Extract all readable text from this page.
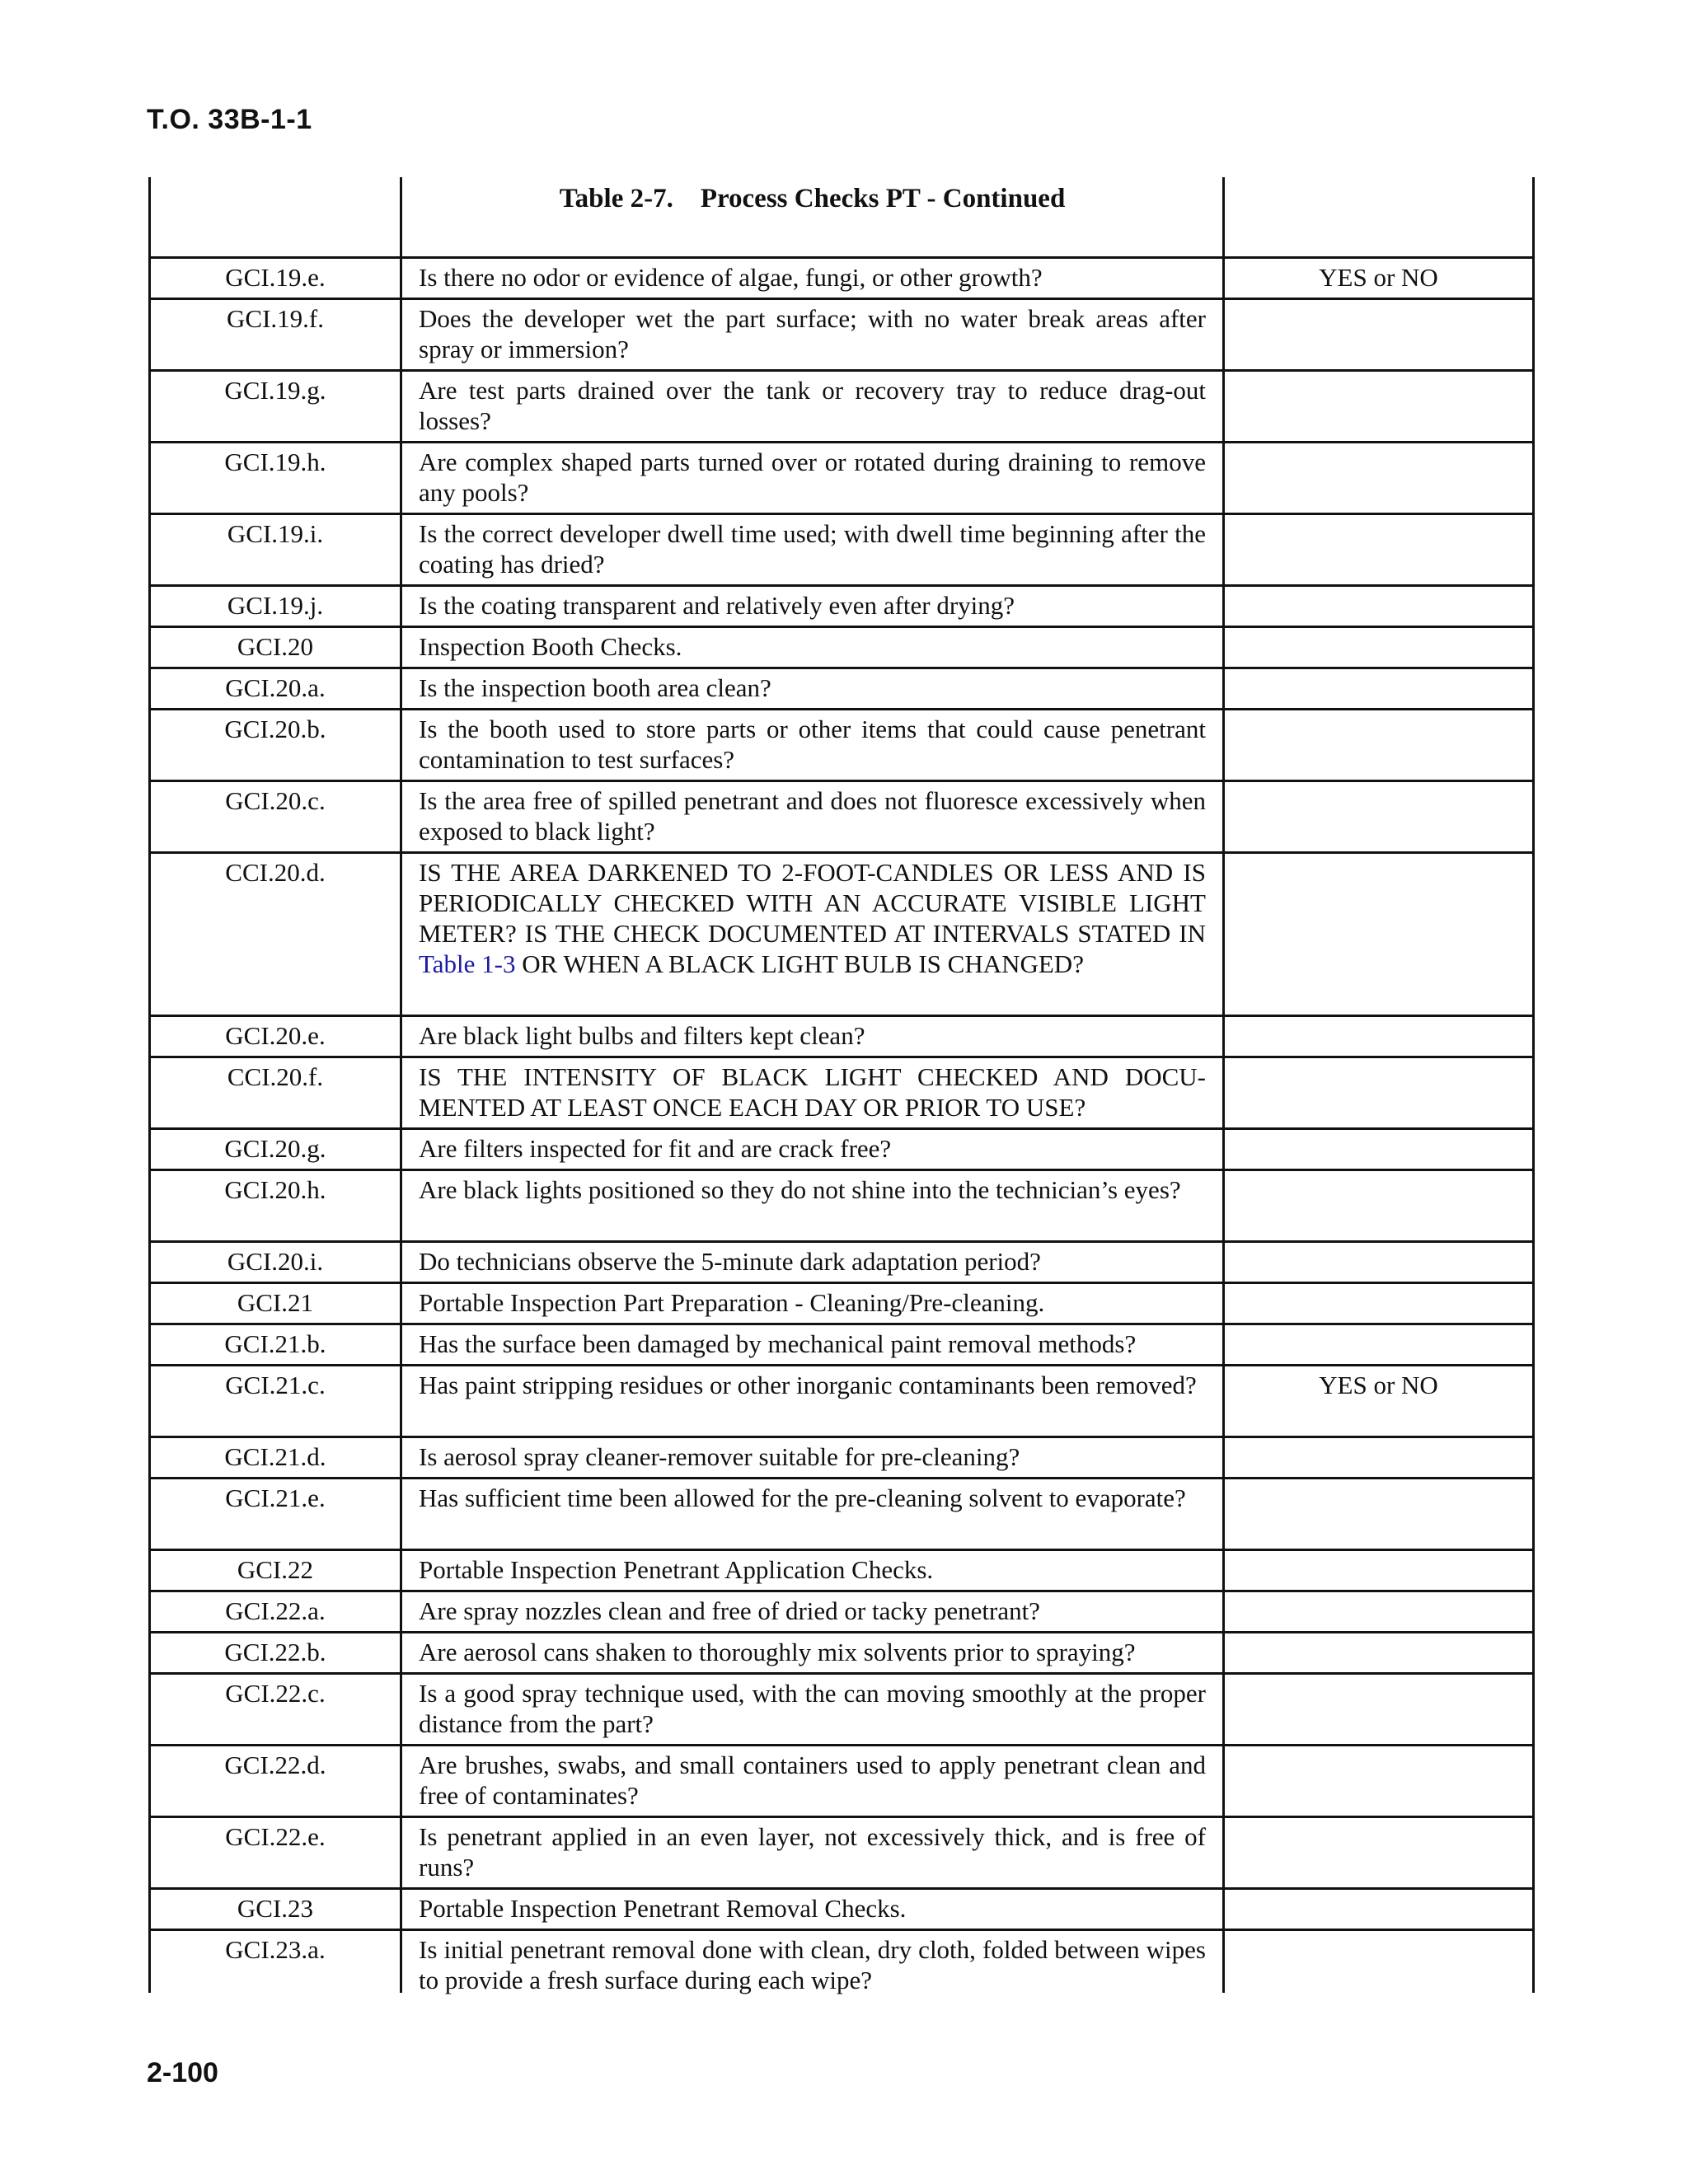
T.O. 33B-1-1
Table 2-7.    Process Checks PT - Continued
GCI.19.e.	Is there no odor or evidence of algae, fungi, or other growth?	YES or NO
GCI.19.f.	Does the developer wet the part surface; with no water break areas after spray or immersion?
GCI.19.g.	Are test parts drained over the tank or recovery tray to reduce drag-out losses?
GCI.19.h.	Are complex shaped parts turned over or rotated during draining to remove any pools?
GCI.19.i.	Is the correct developer dwell time used; with dwell time beginning after the coating has dried?
GCI.19.j.	Is the coating transparent and relatively even after drying?
GCI.20	Inspection Booth Checks.
GCI.20.a.	Is the inspection booth area clean?
GCI.20.b.	Is the booth used to store parts or other items that could cause penetrant contamination to test surfaces?
GCI.20.c.	Is the area free of spilled penetrant and does not fluoresce excessively when exposed to black light?
CCI.20.d.	IS THE AREA DARKENED TO 2-FOOT-CANDLES OR LESS AND IS PERIODICALLY CHECKED WITH AN ACCURATE VISIBLE LIGHT METER? IS THE CHECK DOCUMENTED AT INTERVALS STATED IN Table 1-3 OR WHEN A BLACK LIGHT BULB IS CHANGED?
GCI.20.e.	Are black light bulbs and filters kept clean?
CCI.20.f.	IS THE INTENSITY OF BLACK LIGHT CHECKED AND DOCU-MENTED AT LEAST ONCE EACH DAY OR PRIOR TO USE?
GCI.20.g.	Are filters inspected for fit and are crack free?
GCI.20.h.	Are black lights positioned so they do not shine into the technician’s eyes?
GCI.20.i.	Do technicians observe the 5-minute dark adaptation period?
GCI.21	Portable Inspection Part Preparation - Cleaning/Pre-cleaning.
GCI.21.b.	Has the surface been damaged by mechanical paint removal methods?
GCI.21.c.	Has paint stripping residues or other inorganic contaminants been removed?	YES or NO
GCI.21.d.	Is aerosol spray cleaner-remover suitable for pre-cleaning?
GCI.21.e.	Has sufficient time been allowed for the pre-cleaning solvent to evaporate?
GCI.22	Portable Inspection Penetrant Application Checks.
GCI.22.a.	Are spray nozzles clean and free of dried or tacky penetrant?
GCI.22.b.	Are aerosol cans shaken to thoroughly mix solvents prior to spraying?
GCI.22.c.	Is a good spray technique used, with the can moving smoothly at the proper distance from the part?
GCI.22.d.	Are brushes, swabs, and small containers used to apply penetrant clean and free of contaminates?
GCI.22.e.	Is penetrant applied in an even layer, not excessively thick, and is free of runs?
GCI.23	Portable Inspection Penetrant Removal Checks.
GCI.23.a.	Is initial penetrant removal done with clean, dry cloth, folded between wipes to provide a fresh surface during each wipe?
2-100
